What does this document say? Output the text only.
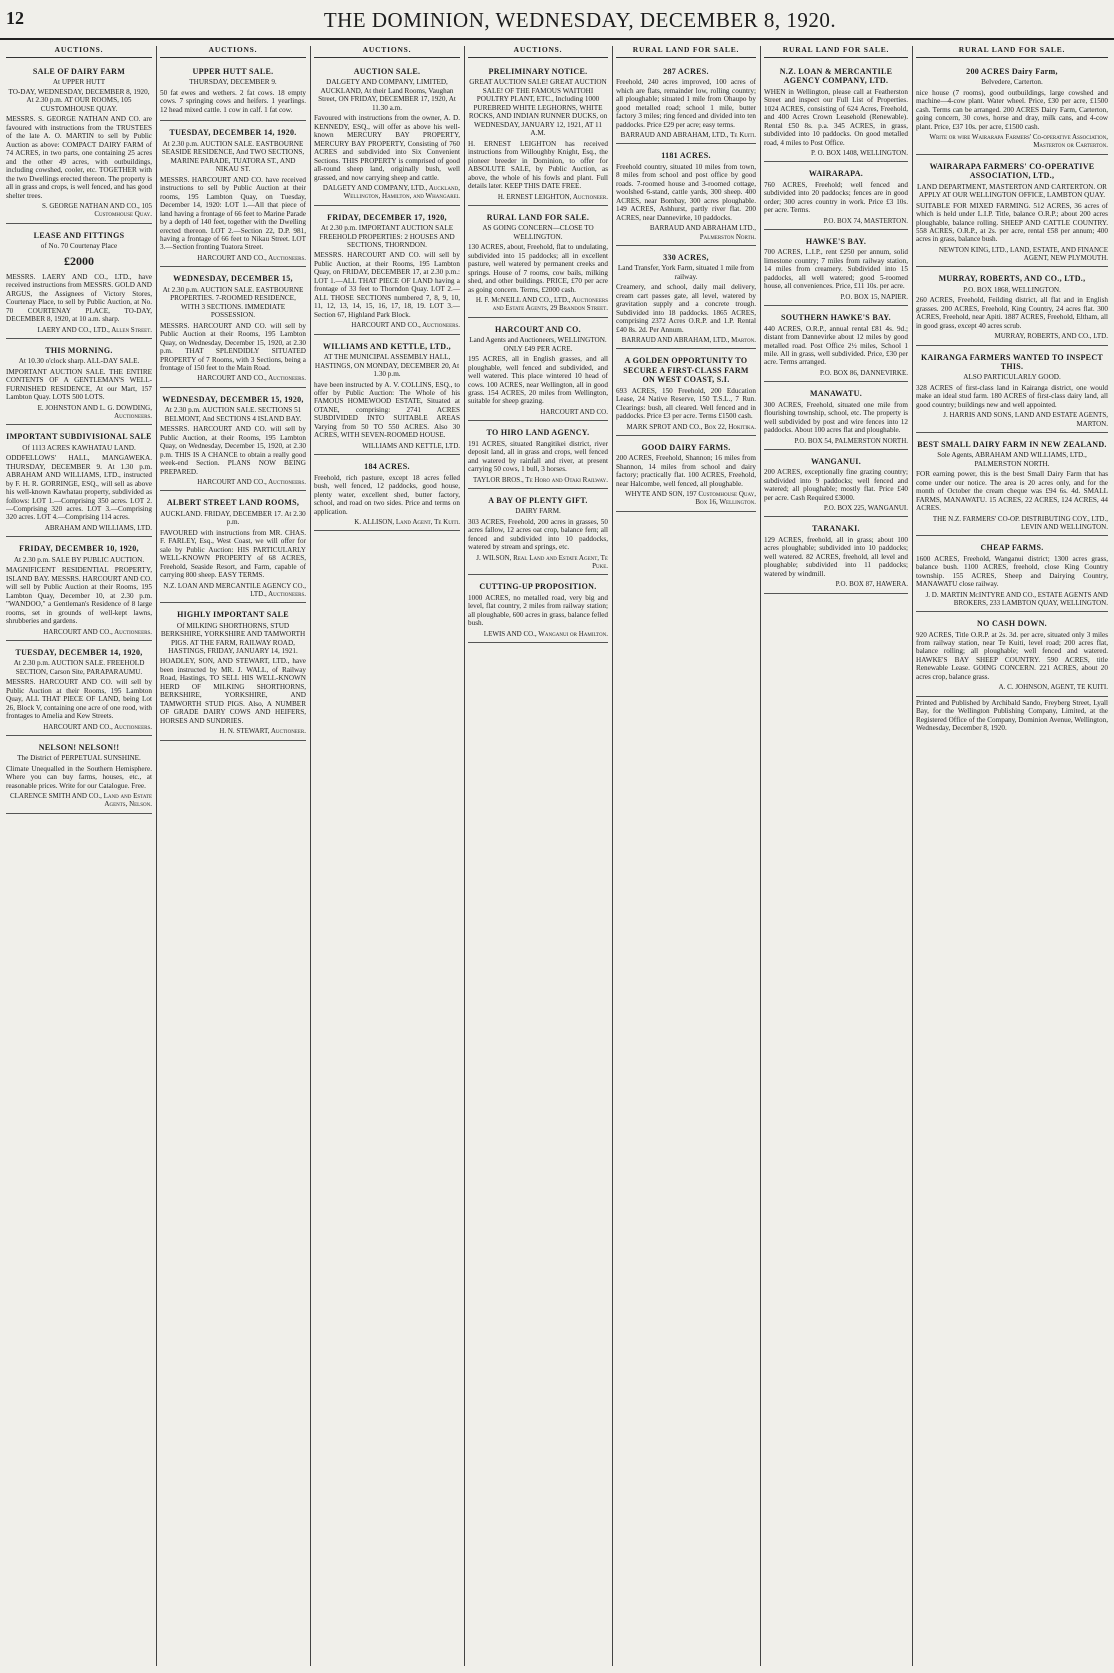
12	THE DOMINION, WEDNESDAY, DECEMBER 8, 1920.
AUCTIONS.
SALE OF DAIRY FARM
At UPPER HUTT
TO-DAY, WEDNESDAY, DECEMBER 8, 1920, At 2.30 p.m. AT OUR ROOMS, 105 CUSTOMHOUSE QUAY.
MESSRS. S. GEORGE NATHAN AND CO. are favoured with instructions from the TRUSTEES of the late A. O. MARTIN to sell by Public Auction as above: COMPACT DAIRY FARM of 74 ACRES, in two parts, one containing 25 acres and the other 49 acres, with outbuildings, including cowshed, cooler, etc. TOGETHER with the two Dwellings erected thereon. The property is all in grass and crops, is well fenced, and has good shelter trees.
S. GEORGE NATHAN AND CO., 105 Customhouse Quay.
LEASE AND FITTINGS
of No. 70 Courtenay Place
£2000
MESSRS. LAERY AND CO., LTD., have received instructions from MESSRS. GOLD AND ARGUS, the Assignees of Victory Stores, Courtenay Place, to sell by Public Auction, at No. 70 COURTENAY PLACE, TO-DAY, DECEMBER 8, 1920, at 10 a.m. sharp.
LAERY AND CO., LTD., Allen Street.
THIS MORNING.
At 10.30 o'clock sharp. ALL-DAY SALE.
IMPORTANT AUCTION SALE. THE ENTIRE CONTENTS OF A GENTLEMAN'S WELL-FURNISHED RESIDENCE, At our Mart, 157 Lambton Quay. LOTS 500 LOTS.
E. JOHNSTON AND L. G. DOWDING, Auctioneers.
IMPORTANT SUBDIVISIONAL SALE
Of 1113 ACRES KAWHATAU LAND.
ODDFELLOWS' HALL, MANGAWEKA. THURSDAY, DECEMBER 9. At 1.30 p.m. ABRAHAM AND WILLIAMS, LTD., instructed by F. H. R. GORRINGE, ESQ., will sell as above his well-known Kawhatau property, subdivided as follows: LOT 1.—Comprising 350 acres. LOT 2.—Comprising 320 acres. LOT 3.—Comprising 320 acres. LOT 4.—Comprising 114 acres.
ABRAHAM AND WILLIAMS, LTD.
FRIDAY, DECEMBER 10, 1920,
At 2.30 p.m. SALE BY PUBLIC AUCTION.
MAGNIFICENT RESIDENTIAL PROPERTY, ISLAND BAY. MESSRS. HARCOURT AND CO. will sell by Public Auction at their Rooms, 195 Lambton Quay, December 10, at 2.30 p.m. "WANDOO," a Gentleman's Residence of 8 large rooms, set in grounds of well-kept lawns, shrubberies and gardens.
HARCOURT AND CO., Auctioneers.
TUESDAY, DECEMBER 14, 1920,
At 2.30 p.m. AUCTION SALE. FREEHOLD SECTION, Carson Site, PARAPARAUMU.
MESSRS. HARCOURT AND CO. will sell by Public Auction at their Rooms, 195 Lambton Quay, ALL THAT PIECE OF LAND, being Lot 26, Block V, containing one acre of one rood, with frontages to Amelia and Kew Streets.
HARCOURT AND CO., Auctioneers.
NELSON! NELSON!!
The District of PERPETUAL SUNSHINE.
Climate Unequalled in the Southern Hemisphere. Where you can buy farms, houses, etc., at reasonable prices. Write for our Catalogue. Free.
CLARENCE SMITH AND CO., Land and Estate Agents, Nelson.
AUCTIONS.
UPPER HUTT SALE.
THURSDAY, DECEMBER 9.
50 fat ewes and wethers. 2 fat cows. 18 empty cows. 7 springing cows and heifers. 1 yearlings. 12 head mixed cattle. 1 cow in calf. 1 fat cow.
TUESDAY, DECEMBER 14, 1920.
At 2.30 p.m. AUCTION SALE. EASTBOURNE SEASIDE RESIDENCE, And TWO SECTIONS, MARINE PARADE, TUATORA ST., AND NIKAU ST.
MESSRS. HARCOURT AND CO. have received instructions to sell by Public Auction at their rooms, 195 Lambton Quay, on Tuesday, December 14, 1920: LOT 1.—All that piece of land having a frontage of 66 feet to Marine Parade by a depth of 140 feet, together with the Dwelling erected thereon. LOT 2.—Section 22, D.P. 981, having a frontage of 66 feet to Nikau Street. LOT 3.—Section fronting Tuatora Street.
HARCOURT AND CO., Auctioneers.
WEDNESDAY, DECEMBER 15,
At 2.30 p.m. AUCTION SALE. EASTBOURNE PROPERTIES. 7-ROOMED RESIDENCE, WITH 3 SECTIONS. IMMEDIATE POSSESSION.
MESSRS. HARCOURT AND CO. will sell by Public Auction at their Rooms, 195 Lambton Quay, on Wednesday, December 15, 1920, at 2.30 p.m. THAT SPLENDIDLY SITUATED PROPERTY of 7 Rooms, with 3 Sections, being a frontage of 150 feet to the Main Road.
HARCOURT AND CO., Auctioneers.
WEDNESDAY, DECEMBER 15, 1920,
At 2.30 p.m. AUCTION SALE. SECTIONS 51 BELMONT, And SECTIONS 4 ISLAND BAY.
MESSRS. HARCOURT AND CO. will sell by Public Auction, at their Rooms, 195 Lambton Quay, on Wednesday, December 15, 1920, at 2.30 p.m. THIS IS A CHANCE to obtain a really good week-end Section. PLANS NOW BEING PREPARED.
HARCOURT AND CO., Auctioneers.
ALBERT STREET LAND ROOMS,
AUCKLAND. FRIDAY, DECEMBER 17. At 2.30 p.m.
FAVOURED with instructions from MR. CHAS. F. FARLEY, Esq., West Coast, we will offer for sale by Public Auction: HIS PARTICULARLY WELL-KNOWN PROPERTY of 68 ACRES, Freehold, Seaside Resort, and Farm, capable of carrying 800 sheep. EASY TERMS.
N.Z. LOAN AND MERCANTILE AGENCY CO., LTD., Auctioneers.
HIGHLY IMPORTANT SALE
Of MILKING SHORTHORNS, STUD BERKSHIRE, YORKSHIRE AND TAMWORTH PIGS. AT THE FARM, RAILWAY ROAD, HASTINGS, FRIDAY, JANUARY 14, 1921.
HOADLEY, SON, AND STEWART, LTD., have been instructed by MR. J. WALL, of Railway Road, Hastings, TO SELL HIS WELL-KNOWN HERD OF MILKING SHORTHORNS, BERKSHIRE, YORKSHIRE, AND TAMWORTH STUD PIGS. Also, A NUMBER OF GRADE DAIRY COWS AND HEIFERS, HORSES AND SUNDRIES.
H. N. STEWART, Auctioneer.
AUCTIONS.
AUCTION SALE.
DALGETY AND COMPANY, LIMITED, AUCKLAND, At their Land Rooms, Vaughan Street, ON FRIDAY, DECEMBER 17, 1920, At 11.30 a.m.
Favoured with instructions from the owner, A. D. KENNEDY, ESQ., will offer as above his well-known MERCURY BAY PROPERTY, MERCURY BAY PROPERTY, Consisting of 760 ACRES and subdivided into Six Convenient Sections. THIS PROPERTY is comprised of good all-round sheep land, originally bush, well grassed, and now carrying sheep and cattle.
DALGETY AND COMPANY, LTD., Auckland, Wellington, Hamilton, and Whangarei.
FRIDAY, DECEMBER 17, 1920,
At 2.30 p.m. IMPORTANT AUCTION SALE FREEHOLD PROPERTIES: 2 HOUSES AND SECTIONS, THORNDON.
MESSRS. HARCOURT AND CO. will sell by Public Auction, at their Rooms, 195 Lambton Quay, on FRIDAY, DECEMBER 17, at 2.30 p.m.: LOT 1.—ALL THAT PIECE OF LAND having a frontage of 33 feet to Thorndon Quay. LOT 2.—ALL THOSE SECTIONS numbered 7, 8, 9, 10, 11, 12, 13, 14, 15, 16, 17, 18, 19. LOT 3.—Section 67, Highland Park Block.
HARCOURT AND CO., Auctioneers.
WILLIAMS AND KETTLE, LTD.,
AT THE MUNICIPAL ASSEMBLY HALL, HASTINGS, ON MONDAY, DECEMBER 20, At 1.30 p.m.
have been instructed by A. V. COLLINS, ESQ., to offer by Public Auction: The Whole of his FAMOUS HOMEWOOD ESTATE, Situated at OTANE, comprising: 2741 ACRES SUBDIVIDED INTO SUITABLE AREAS Varying from 50 TO 550 ACRES. Also 30 ACRES, WITH SEVEN-ROOMED HOUSE.
WILLIAMS AND KETTLE, LTD.
184 ACRES.
Freehold, rich pasture, except 18 acres felled bush, well fenced, 12 paddocks, good house, plenty water, excellent shed, butter factory, school, and road on two sides. Price and terms on application.
K. ALLISON, Land Agent, Te Kuiti.
AUCTIONS.
PRELIMINARY NOTICE.
GREAT AUCTION SALE! GREAT AUCTION SALE! OF THE FAMOUS WAITOHI POULTRY PLANT, ETC., Including 1000 PUREBRED WHITE LEGHORNS, WHITE ROCKS, AND INDIAN RUNNER DUCKS, on WEDNESDAY, JANUARY 12, 1921, AT 11 A.M.
H. ERNEST LEIGHTON has received instructions from Willoughby Knight, Esq., the pioneer breeder in Dominion, to offer for ABSOLUTE SALE, by Public Auction, as above, the whole of his fowls and plant. Full details later. KEEP THIS DATE FREE.
H. ERNEST LEIGHTON, Auctioneer.
RURAL LAND FOR SALE.
AS GOING CONCERN—CLOSE TO WELLINGTON.
130 ACRES, about, Freehold, flat to undulating, subdivided into 15 paddocks; all in excellent pasture, well watered by permanent creeks and springs. House of 7 rooms, cow bails, milking shed, and other buildings. PRICE, £70 per acre as going concern. Terms, £2000 cash.
H. F. McNEILL AND CO., LTD., Auctioneers and Estate Agents, 29 Brandon Street.
HARCOURT AND CO.
Land Agents and Auctioneers, WELLINGTON. ONLY £49 PER ACRE.
195 ACRES, all in English grasses, and all ploughable, well fenced and subdivided, and well watered. This place wintered 10 head of cows. 100 ACRES, near Wellington, all in good grass. 154 ACRES, 20 miles from Wellington, suitable for sheep grazing.
HARCOURT AND CO.
TO HIRO LAND AGENCY.
191 ACRES, situated Rangitikei district, river deposit land, all in grass and crops, well fenced and watered by rainfall and river, at present carrying 50 cows, 1 bull, 3 horses.
TAYLOR BROS., Te Horo and Otaki Railway.
A BAY OF PLENTY GIFT.
DAIRY FARM.
303 ACRES, Freehold, 200 acres in grasses, 50 acres fallow, 12 acres oat crop, balance fern; all fenced and subdivided into 10 paddocks, watered by stream and springs, etc.
J. WILSON, Real Land and Estate Agent, Te Puke.
CUTTING-UP PROPOSITION.
1000 ACRES, no metalled road, very big and level, flat country, 2 miles from railway station; all ploughable, 600 acres in grass, balance felled bush.
LEWIS AND CO., Wanganui or Hamilton.
RURAL LAND FOR SALE.
287 ACRES.
Freehold, 240 acres improved, 100 acres of which are flats, remainder low, rolling country; all ploughable; situated 1 mile from Ohaupo by good metalled road; school 1 mile, butter factory 3 miles; ring fenced and divided into ten paddocks. Price £29 per acre; easy terms.
BARRAUD AND ABRAHAM, LTD., Te Kuiti.
1181 ACRES.
Freehold country, situated 10 miles from town, 8 miles from school and post office by good roads. 7-roomed house and 3-roomed cottage, woolshed 6-stand, cattle yards, 300 sheep. 400 ACRES, near Bombay, 300 acres ploughable. 149 ACRES, Ashhurst, partly river flat. 200 ACRES, near Dannevirke, 10 paddocks.
BARRAUD AND ABRAHAM LTD., Palmerston North.
330 ACRES,
Land Transfer, York Farm, situated 1 mile from railway.
Creamery, and school, daily mail delivery, cream cart passes gate, all level, watered by gravitation supply and a concrete trough. Subdivided into 18 paddocks. 1865 ACRES, comprising 2372 Acres O.R.P. and 1.P. Rental £40 8s. 2d. Per Annum.
BARRAUD AND ABRAHAM, LTD., Marton.
A GOLDEN OPPORTUNITY TO SECURE A FIRST-CLASS FARM ON WEST COAST, S.I.
693 ACRES, 150 Freehold, 200 Education Lease, 24 Native Reserve, 150 T.S.L., 7 Run. Clearings: bush, all cleared. Well fenced and in paddocks. Price £3 per acre. Terms £1500 cash.
MARK SPROT AND CO., Box 22, Hokitika.
GOOD DAIRY FARMS.
200 ACRES, Freehold, Shannon; 16 miles from Shannon, 14 miles from school and dairy factory; practically flat. 100 ACRES, Freehold, near Halcombe, well fenced, all ploughable.
WHYTE AND SON, 197 Customhouse Quay, Box 16, Wellington.
RURAL LAND FOR SALE.
N.Z. LOAN & MERCANTILE AGENCY COMPANY, LTD.
WHEN in Wellington, please call at Featherston Street and inspect our Full List of Properties. 1024 ACRES, consisting of 624 Acres, Freehold, and 400 Acres Crown Leasehold (Renewable). Rental £50 8s. p.a. 345 ACRES, in grass, subdivided into 10 paddocks. On good metalled road, 4 miles to Post Office.
P. O. BOX 1408, WELLINGTON.
WAIRARAPA.
760 ACRES, Freehold; well fenced and subdivided into 20 paddocks; fences are in good order; 300 acres country in work. Price £3 10s. per acre. Terms.
P.O. BOX 74, MASTERTON.
HAWKE'S BAY.
700 ACRES, L.I.P., rent £250 per annum, solid limestone country; 7 miles from railway station, 14 miles from creamery. Subdivided into 15 paddocks, all well watered; good 5-roomed house, all conveniences. Price, £11 10s. per acre.
P.O. BOX 15, NAPIER.
SOUTHERN HAWKE'S BAY.
440 ACRES, O.R.P., annual rental £81 4s. 9d.; distant from Dannevirke about 12 miles by good metalled road. Post Office 2½ miles, School 1 mile. All in grass, well subdivided. Price, £30 per acre. Terms arranged.
P.O. BOX 86, DANNEVIRKE.
MANAWATU.
300 ACRES, Freehold, situated one mile from flourishing township, school, etc. The property is well subdivided by post and wire fences into 12 paddocks. About 100 acres flat and ploughable.
P.O. BOX 54, PALMERSTON NORTH.
WANGANUI.
200 ACRES, exceptionally fine grazing country; subdivided into 9 paddocks; well fenced and watered; all ploughable; mostly flat. Price £40 per acre. Cash Required £3000.
P.O. BOX 225, WANGANUI.
TARANAKI.
129 ACRES, freehold, all in grass; about 100 acres ploughable; subdivided into 10 paddocks; well watered. 82 ACRES, freehold, all level and ploughable; subdivided into 11 paddocks; watered by windmill.
P.O. BOX 87, HAWERA.
RURAL LAND FOR SALE.
200 ACRES Dairy Farm,
Belvedere, Carterton.
nice house (7 rooms), good outbuildings, large cowshed and machine—4-cow plant. Water wheel. Price, £30 per acre, £1500 cash. Terms can be arranged. 200 ACRES Dairy Farm, Carterton, going concern, 30 cows, horse and dray, milk cans, and 4-cow plant. Price, £37 10s. per acre, £1500 cash.
Write or wire Wairarapa Farmers' Co-operative Association, Masterton or Carterton.
WAIRARAPA FARMERS' CO-OPERATIVE ASSOCIATION, LTD.,
LAND DEPARTMENT, MASTERTON AND CARTERTON. OR APPLY AT OUR WELLINGTON OFFICE, LAMBTON QUAY.
SUITABLE FOR MIXED FARMING. 512 ACRES, 36 acres of which is held under L.I.P. Title, balance O.R.P.; about 200 acres ploughable, balance rolling. SHEEP AND CATTLE COUNTRY. 558 ACRES, O.R.P., at 2s. per acre, rental £58 per annum; 400 acres in grass, balance bush.
NEWTON KING, LTD., LAND, ESTATE, AND FINANCE AGENT, NEW PLYMOUTH.
MURRAY, ROBERTS, AND CO., LTD.,
P.O. BOX 1868, WELLINGTON.
260 ACRES, Freehold, Feilding district, all flat and in English grasses. 200 ACRES, Freehold, King Country, 24 acres flat. 300 ACRES, Freehold, near Apiti. 1887 ACRES, Freehold, Eltham, all in good grass, except 40 acres scrub.
MURRAY, ROBERTS, AND CO., LTD.
KAIRANGA FARMERS WANTED TO INSPECT THIS.
ALSO PARTICULARLY GOOD.
328 ACRES of first-class land in Kairanga district, one would make an ideal stud farm. 180 ACRES of first-class dairy land, all good country; buildings new and well appointed.
J. HARRIS AND SONS, LAND AND ESTATE AGENTS, MARTON.
BEST SMALL DAIRY FARM IN NEW ZEALAND.
Sole Agents, ABRAHAM AND WILLIAMS, LTD., PALMERSTON NORTH.
FOR earning power, this is the best Small Dairy Farm that has come under our notice. The area is 20 acres only, and for the month of October the cream cheque was £94 6s. 4d. SMALL FARMS, MANAWATU. 15 ACRES, 22 ACRES, 124 ACRES, 44 ACRES.
THE N.Z. FARMERS' CO-OP. DISTRIBUTING COY., LTD., LEVIN AND WELLINGTON.
CHEAP FARMS.
1600 ACRES, Freehold, Wanganui district; 1300 acres grass, balance bush. 1100 ACRES, freehold, close King Country township. 155 ACRES, Sheep and Dairying Country, MANAWATU close railway.
J. D. MARTIN McINTYRE AND CO., ESTATE AGENTS AND BROKERS, 233 LAMBTON QUAY, WELLINGTON.
NO CASH DOWN.
920 ACRES, Title O.R.P. at 2s. 3d. per acre, situated only 3 miles from railway station, near Te Kuiti, level road; 200 acres flat, balance rolling; all ploughable; well fenced and watered. HAWKE'S BAY SHEEP COUNTRY. 590 ACRES, title Renewable Lease. GOING CONCERN. 221 ACRES, about 20 acres crop, balance grass.
A. C. JOHNSON, AGENT, TE KUITI.
Printed and Published by Archibald Sando, Freyberg Street, Lyall Bay, for the Wellington Publishing Company, Limited, at the Registered Office of the Company, Dominion Avenue, Wellington, Wednesday, December 8, 1920.
